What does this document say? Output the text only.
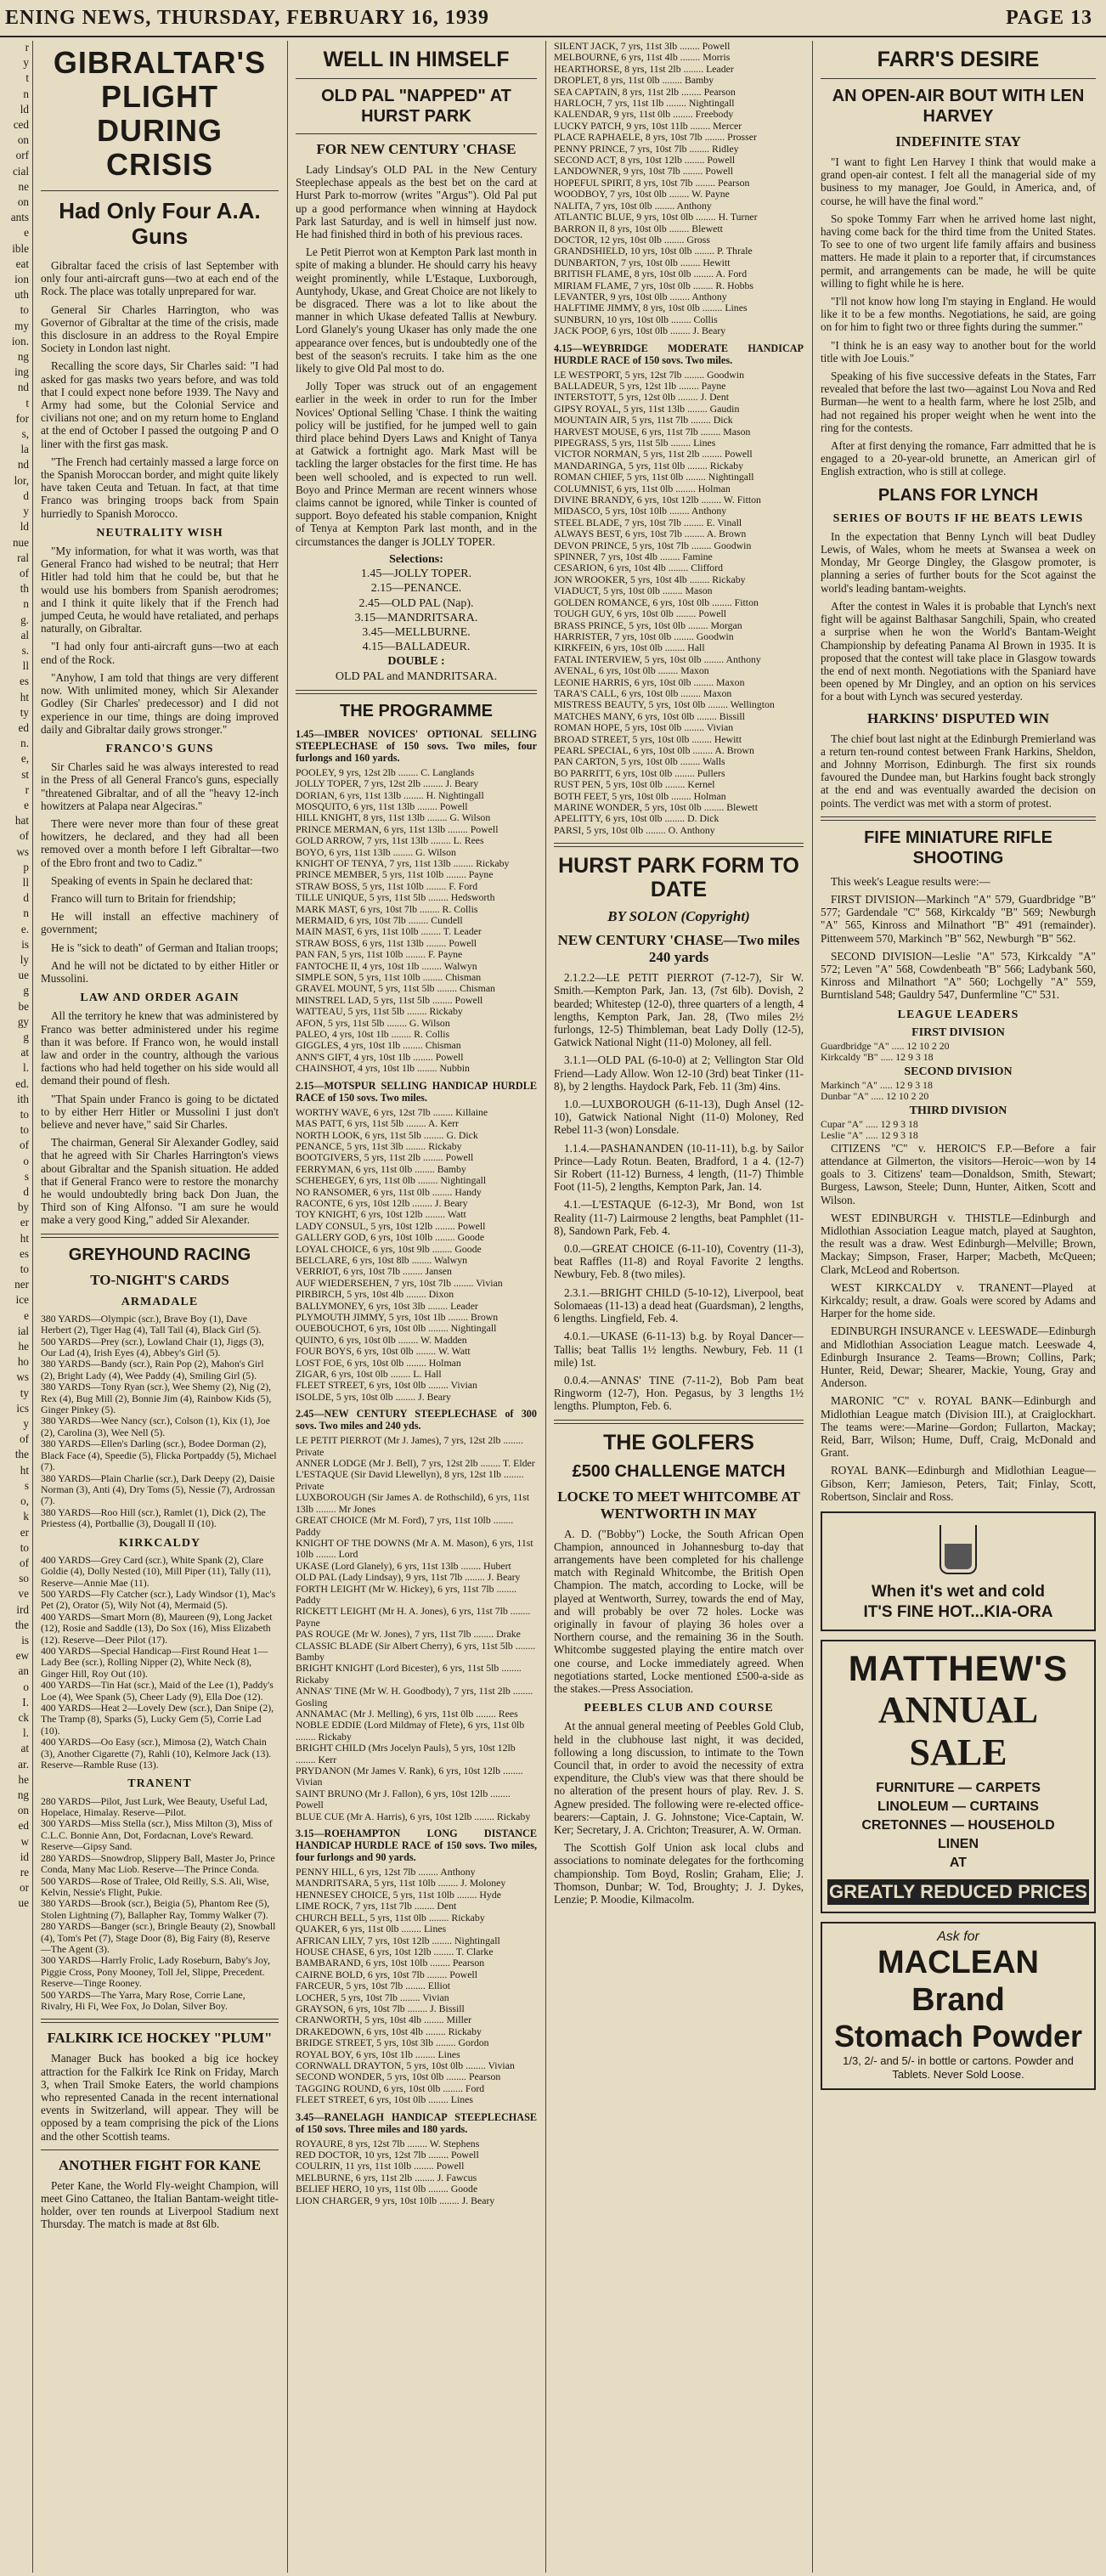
ENING NEWS, THURSDAY, FEBRUARY 16, 1939	PAGE 13

r

y

t

n

ld

ced

on

orf

cial

ne

on

ants

e

ible

eat

ion

uth

to

my

ion.

ng

ing

nd

t

for

s,

la

nd

lor,

d

y

ld

nue

ral

of

th

n

g.

al

s.

ll

es

ht

ty

ed

n.

e,

st

r

e

hat

of

ws

p

ll

d

n

e.

is

ly

ue

g

be

gy

g

at

l.

ed.

ith

to

to

of

o

s

d

by

er

ht

es

to

ner

ice

e

ial

he

ho

ws

ty

ics

y

of

the

ht

s

o,

k

er

to

of

so

ve

ird

the

is

ew

an

o

I.

ck

l.

at

ar.

he

ng

on

ed

w

id

re

or

ue

GIBRALTAR'S PLIGHT DURING CRISIS
Had Only Four A.A. Guns

Gibraltar faced the crisis of last September with only four anti-aircraft guns—two at each end of the Rock. The place was totally unprepared for war.

General Sir Charles Harrington, who was Governor of Gibraltar at the time of the crisis, made this disclosure in an address to the Royal Empire Society in London last night.

Recalling the score days, Sir Charles said: "I had asked for gas masks two years before, and was told that I could expect none before 1939. The Navy and Army had some, but the Colonial Service and civilians not one; and on my return home to England at the end of October I passed the outgoing P and O liner with the first gas mask.

"The French had certainly massed a large force on the Spanish Moroccan border, and might quite likely have taken Ceuta and Tetuan. In fact, at that time Franco was bringing troops back from Spain hurriedly to Spanish Morocco.

NEUTRALITY WISH

"My information, for what it was worth, was that General Franco had wished to be neutral; that Herr Hitler had told him that he could be, but that he would use his bombers from Spanish aerodromes; and I think it quite likely that if the French had jumped Ceuta, he would have retaliated, and perhaps naturally, on Gibraltar.

"I had only four anti-aircraft guns—two at each end of the Rock.

"Anyhow, I am told that things are very different now. With unlimited money, which Sir Alexander Godley (Sir Charles' predecessor) and I did not experience in our time, things are doing improved daily and Gibraltar daily grows stronger."

FRANCO'S GUNS

Sir Charles said he was always interested to read in the Press of all General Franco's guns, especially "threatened Gibraltar, and of all the "heavy 12-inch howitzers at Palapa near Algeciras."

There were never more than four of these great howitzers, he declared, and they had all been removed over a month before I left Gibraltar—two of the Ebro front and two to Cadiz."

Speaking of events in Spain he declared that:

Franco will turn to Britain for friendship;

He will install an effective machinery of government;

He is "sick to death" of German and Italian troops;

And he will not be dictated to by either Hitler or Mussolini.

LAW AND ORDER AGAIN

All the territory he knew that was administered by Franco was better administered under his regime than it was before. If Franco won, he would install law and order in the country, although the various factions who had held together on his side would all demand their pound of flesh.

"That Spain under Franco is going to be dictated to by either Herr Hitler or Mussolini I just don't believe and never have," said Sir Charles.

The chairman, General Sir Alexander Godley, said that he agreed with Sir Charles Harrington's views about Gibraltar and the Spanish situation. He added that if General Franco were to restore the monarchy he would undoubtedly bring back Don Juan, the Third son of King Alfonso. "I am sure he would make a very good King," added Sir Alexander.

GREYHOUND RACING
TO-NIGHT'S CARDS
ARMADALE

380 YARDS—Olympic (scr.), Brave Boy (1), Dave Herbert (2), Tiger Hag (4), Tall Tail (4), Black Girl (5).

500 YARDS—Prey (scr.), Lowland Chair (1), Jiggs (3), Our Lad (4), Irish Eyes (4), Abbey's Girl (5).

380 YARDS—Bandy (scr.), Rain Pop (2), Mahon's Girl (2), Bright Lady (4), Wee Paddy (4), Smiling Girl (5).

380 YARDS—Tony Ryan (scr.), Wee Shemy (2), Nig (2), Rex (4), Bug Mill (2), Bonnie Jim (4), Rainbow Kids (5), Ginger Pinkey (5).

380 YARDS—Wee Nancy (scr.), Colson (1), Kix (1), Joe (2), Carolina (3), Wee Nell (5).

380 YARDS—Ellen's Darling (scr.), Bodee Dorman (2), Black Face (4), Speedie (5), Flicka Portpaddy (5), Michael (7).

380 YARDS—Plain Charlie (scr.), Dark Deepy (2), Daisie Norman (3), Anti (4), Dry Toms (5), Nessie (7), Ardrossan (7).

380 YARDS—Roo Hill (scr.), Ramlet (1), Dick (2), The Priestess (4), Portballie (3), Dougall II (10).

KIRKCALDY

400 YARDS—Grey Card (scr.), White Spank (2), Clare Goldie (4), Dolly Nested (10), Mill Piper (11), Tally (11), Reserve—Annie Mae (11).

500 YARDS—Fly Catcher (scr.), Lady Windsor (1), Mac's Pet (2), Orator (5), Wily Not (4), Mermaid (5).

400 YARDS—Smart Morn (8), Maureen (9), Long Jacket (12), Rosie and Saddle (13), Do Sox (16), Miss Elizabeth (12). Reserve—Deer Pilot (17).

400 YARDS—Special Handicap—First Round Heat 1—Lady Bee (scr.), Rolling Nipper (2), White Neck (8), Ginger Hill, Roy Out (10).

400 YARDS—Tin Hat (scr.), Maid of the Lee (1), Paddy's Loe (4), Wee Spank (5), Cheer Lady (9), Ella Doe (12).

400 YARDS—Heat 2—Lovely Dew (scr.), Dan Snipe (2), The Tramp (8), Sparks (5), Lucky Gem (5), Corrie Lad (10).

400 YARDS—Oo Easy (scr.), Mimosa (2), Watch Chain (3), Another Cigarette (7), Rahli (10), Kelmore Jack (13). Reserve—Ramble Ruse (13).

TRANENT

280 YARDS—Pilot, Just Lurk, Wee Beauty, Useful Lad, Hopelace, Himalay. Reserve—Pilot.

300 YARDS—Miss Stella (scr.), Miss Milton (3), Miss of C.L.C. Bonnie Ann, Dot, Fordacnan, Love's Reward. Reserve—Gipsy Sand.

280 YARDS—Snowdrop, Slippery Ball, Master Jo, Prince Conda, Many Mac Liob. Reserve—The Prince Conda.

500 YARDS—Rose of Tralee, Old Reilly, S.S. Ali, Wise, Kelvin, Nessie's Flight, Pukie.

380 YARDS—Brook (scr.), Beigia (5), Phantom Ree (5), Stolen Lightning (7), Ballapher Ray, Tommy Walker (7).

280 YARDS—Banger (scr.), Bringle Beauty (2), Snowball (4), Tom's Pet (7), Stage Door (8), Big Fairy (8), Reserve—The Agent (3).

300 YARDS—Harrly Frolic, Lady Roseburn, Baby's Joy, Piggie Cross, Pony Mooney, Toll Jel, Slippe, Precedent. Reserve—Tinge Rooney.

500 YARDS—The Yarra, Mary Rose, Corrie Lane, Rivalry, Hi Fi, Wee Fox, Jo Dolan, Silver Boy.

FALKIRK ICE HOCKEY "PLUM"

Manager Buck has booked a big ice hockey attraction for the Falkirk Ice Rink on Friday, March 3, when Trail Smoke Eaters, the world champions who represented Canada in the recent international events in Switzerland, will appear. They will be opposed by a team comprising the pick of the Lions and the other Scottish teams.

ANOTHER FIGHT FOR KANE

Peter Kane, the World Fly-weight Champion, will meet Gino Cattaneo, the Italian Bantam-weight title-holder, over ten rounds at Liverpool Stadium next Thursday. The match is made at 8st 6lb.

WELL IN HIMSELF
OLD PAL "NAPPED" AT HURST PARK
FOR NEW CENTURY 'CHASE

Lady Lindsay's OLD PAL in the New Century Steeplechase appeals as the best bet on the card at Hurst Park to-morrow (writes "Argus"). Old Pal put up a good performance when winning at Haydock Park last Saturday, and is well in himself just now. He had finished third in both of his previous races.

Le Petit Pierrot won at Kempton Park last month in spite of making a blunder. He should carry his heavy weight prominently, while L'Estaque, Luxborough, Auntyhody, Ukase, and Great Choice are not likely to be disgraced. There was a lot to like about the manner in which Ukase defeated Tallis at Newbury. Lord Glanely's young Ukaser has only made the one appearance over fences, but is undoubtedly one of the best of the season's recruits. I take him as the one likely to give Old Pal most to do.

Jolly Toper was struck out of an engagement earlier in the week in order to run for the Imber Novices' Optional Selling 'Chase. I think the waiting policy will be justified, for he jumped well to gain third place behind Dyers Laws and Knight of Tanya at Gatwick a fortnight ago. Mark Mast will be tackling the larger obstacles for the first time. He has been well schooled, and is expected to run well. Boyo and Prince Merman are recent winners whose claims cannot be ignored, while Tinker is counted of support. Boyo defeated his stable companion, Knight of Tenya at Kempton Park last month, and in the circumstances the danger is JOLLY TOPER.

Selections:

1.45—JOLLY TOPER.

2.15—PENANCE.

2.45—OLD PAL (Nap).

3.15—MANDRITSARA.

3.45—MELLBURNE.

4.15—BALLADEUR.

DOUBLE :

OLD PAL and MANDRITSARA.

THE PROGRAMME

1.45—IMBER NOVICES' OPTIONAL SELLING STEEPLECHASE of 150 sovs. Two miles, four furlongs and 160 yards.

POOLEY, 9 yrs, 12st 2lb ........ C. Langlands

JOLLY TOPER, 7 yrs, 12st 2lb ........ J. Beary

DORIAN, 6 yrs, 11st 13lb ........ H. Nightingall

MOSQUITO, 6 yrs, 11st 13lb ........ Powell

HILL KNIGHT, 8 yrs, 11st 13lb ........ G. Wilson

PRINCE MERMAN, 6 yrs, 11st 13lb ........ Powell

GOLD ARROW, 7 yrs, 11st 13lb ........ L. Rees

BOYO, 6 yrs, 11st 13lb ........ G. Wilson

KNIGHT OF TENYA, 7 yrs, 11st 13lb ........ Rickaby

PRINCE MEMBER, 5 yrs, 11st 10lb ........ Payne

STRAW BOSS, 5 yrs, 11st 10lb ........ F. Ford

TILLE UNIQUE, 5 yrs, 11st 5lb ........ Hedsworth

MARK MAST, 6 yrs, 10st 7lb ........ R. Collis

MERMAID, 6 yrs, 10st 7lb ........ Cundell

MAIN MAST, 6 yrs, 11st 10lb ........ T. Leader

STRAW BOSS, 6 yrs, 11st 13lb ........ Powell

PAN FAN, 5 yrs, 11st 10lb ........ F. Payne

FANTOCHE II, 4 yrs, 10st 1lb ........ Walwyn

SIMPLE SON, 5 yrs, 11st 10lb ........ Chisman

GRAVEL MOUNT, 5 yrs, 11st 5lb ........ Chisman

MINSTREL LAD, 5 yrs, 11st 5lb ........ Powell

WATTEAU, 5 yrs, 11st 5lb ........ Rickaby

AFON, 5 yrs, 11st 5lb ........ G. Wilson

PALEO, 4 yrs, 10st 1lb ........ R. Collis

GIGGLES, 4 yrs, 10st 1lb ........ Chisman

ANN'S GIFT, 4 yrs, 10st 1lb ........ Powell

CHAINSHOT, 4 yrs, 10st 1lb ........ Nubbin

2.15—MOTSPUR SELLING HANDICAP HURDLE RACE of 150 sovs. Two miles.

WORTHY WAVE, 6 yrs, 12st 7lb ........ Killaine

MAS PATT, 6 yrs, 11st 5lb ........ A. Kerr

NORTH LOOK, 6 yrs, 11st 5lb ........ G. Dick

PENANCE, 5 yrs, 11st 3lb ........ Rickaby

BOOTGIVERS, 5 yrs, 11st 2lb ........ Powell

FERRYMAN, 6 yrs, 11st 0lb ........ Bamby

SCHEHEGEY, 6 yrs, 11st 0lb ........ Nightingall

NO RANSOMER, 6 yrs, 11st 0lb ........ Handy

RACONTE, 6 yrs, 10st 12lb ........ J. Beary

TOY KNIGHT, 6 yrs, 10st 12lb ........ Watt

LADY CONSUL, 5 yrs, 10st 12lb ........ Powell

GALLERY GOD, 6 yrs, 10st 10lb ........ Goode

LOYAL CHOICE, 6 yrs, 10st 9lb ........ Goode

BELCLARE, 6 yrs, 10st 8lb ........ Walwyn

VERRIOT, 6 yrs, 10st 7lb ........ Jansen

AUF WIEDERSEHEN, 7 yrs, 10st 7lb ........ Vivian

PIRBIRCH, 5 yrs, 10st 4lb ........ Dixon

BALLYMONEY, 6 yrs, 10st 3lb ........ Leader

PLYMOUTH JIMMY, 5 yrs, 10st 1lb ........ Brown

OUEBOUCHOT, 6 yrs, 10st 0lb ........ Nightingall

QUINTO, 6 yrs, 10st 0lb ........ W. Madden

FOUR BOYS, 6 yrs, 10st 0lb ........ W. Watt

LOST FOE, 6 yrs, 10st 0lb ........ Holman

ZIGAR, 6 yrs, 10st 0lb ........ L. Hall

FLEET STREET, 6 yrs, 10st 0lb ........ Vivian

ISOLDE, 5 yrs, 10st 0lb ........ J. Beary

2.45—NEW CENTURY STEEPLECHASE of 300 sovs. Two miles and 240 yds.

LE PETIT PIERROT (Mr J. James), 7 yrs, 12st 2lb ........ Private

ANNER LODGE (Mr J. Bell), 7 yrs, 12st 2lb ........ T. Elder

L'ESTAQUE (Sir David Llewellyn), 8 yrs, 12st 1lb ........ Private

LUXBOROUGH (Sir James A. de Rothschild), 6 yrs, 11st 13lb ........ Mr Jones

GREAT CHOICE (Mr M. Ford), 7 yrs, 11st 10lb ........ Paddy

KNIGHT OF THE DOWNS (Mr A. M. Mason), 6 yrs, 11st 10lb ........ Lord

UKASE (Lord Glanely), 6 yrs, 11st 13lb ........ Hubert

OLD PAL (Lady Lindsay), 9 yrs, 11st 7lb ........ J. Beary

FORTH LEIGHT (Mr W. Hickey), 6 yrs, 11st 7lb ........ Paddy

RICKETT LEIGHT (Mr H. A. Jones), 6 yrs, 11st 7lb ........ Payne

PAS ROUGE (Mr W. Jones), 7 yrs, 11st 7lb ........ Drake

CLASSIC BLADE (Sir Albert Cherry), 6 yrs, 11st 5lb ........ Bamby

BRIGHT KNIGHT (Lord Bicester), 6 yrs, 11st 5lb ........ Rickaby

ANNAS' TINE (Mr W. H. Goodbody), 7 yrs, 11st 2lb ........ Gosling

ANNAMAC (Mr J. Melling), 6 yrs, 11st 0lb ........ Rees

NOBLE EDDIE (Lord Mildmay of Flete), 6 yrs, 11st 0lb ........ Rickaby

BRIGHT CHILD (Mrs Jocelyn Pauls), 5 yrs, 10st 12lb ........ Kerr

PRYDANON (Mr James V. Rank), 6 yrs, 10st 12lb ........ Vivian

SAINT BRUNO (Mr J. Fallon), 6 yrs, 10st 12lb ........ Powell

BLUE CUE (Mr A. Harris), 6 yrs, 10st 12lb ........ Rickaby

3.15—ROEHAMPTON LONG DISTANCE HANDICAP HURDLE RACE of 150 sovs. Two miles, four furlongs and 90 yards.

PENNY HILL, 6 yrs, 12st 7lb ........ Anthony

MANDRITSARA, 5 yrs, 11st 10lb ........ J. Moloney

HENNESEY CHOICE, 5 yrs, 11st 10lb ........ Hyde

LIME ROCK, 7 yrs, 11st 7lb ........ Dent

CHURCH BELL, 5 yrs, 11st 0lb ........ Rickaby

QUAKER, 6 yrs, 11st 0lb ........ Lines

AFRICAN LILY, 7 yrs, 10st 12lb ........ Nightingall

HOUSE CHASE, 6 yrs, 10st 12lb ........ T. Clarke

BAMBARAND, 6 yrs, 10st 10lb ........ Pearson

CAIRNE BOLD, 6 yrs, 10st 7lb ........ Powell

FARCEUR, 5 yrs, 10st 7lb ........ Elliot

LOCHER, 5 yrs, 10st 7lb ........ Vivian

GRAYSON, 6 yrs, 10st 7lb ........ J. Bissill

CRANWORTH, 5 yrs, 10st 4lb ........ Miller

DRAKEDOWN, 6 yrs, 10st 4lb ........ Rickaby

BRIDGE STREET, 5 yrs, 10st 3lb ........ Gordon

ROYAL BOY, 6 yrs, 10st 1lb ........ Lines

CORNWALL DRAYTON, 5 yrs, 10st 0lb ........ Vivian

SECOND WONDER, 5 yrs, 10st 0lb ........ Pearson

TAGGING ROUND, 6 yrs, 10st 0lb ........ Ford

FLEET STREET, 6 yrs, 10st 0lb ........ Lines

3.45—RANELAGH HANDICAP STEEPLECHASE of 150 sovs. Three miles and 180 yards.

ROYAURE, 8 yrs, 12st 7lb ........ W. Stephens

RED DOCTOR, 10 yrs, 12st 7lb ........ Powell

COULRIN, 11 yrs, 11st 10lb ........ Powell

MELBURNE, 6 yrs, 11st 2lb ........ J. Fawcus

BELIEF HERO, 10 yrs, 11st 0lb ........ Goode

LION CHARGER, 9 yrs, 10st 10lb ........ J. Beary

SILENT JACK, 7 yrs, 11st 3lb ........ Powell

MELBOURNE, 6 yrs, 11st 4lb ........ Morris

HEARTHORSE, 8 yrs, 11st 2lb ........ Leader

DROPLET, 8 yrs, 11st 0lb ........ Bamby

SEA CAPTAIN, 8 yrs, 11st 2lb ........ Pearson

HARLOCH, 7 yrs, 11st 1lb ........ Nightingall

KALENDAR, 9 yrs, 11st 0lb ........ Freebody

LUCKY PATCH, 9 yrs, 10st 11lb ........ Mercer

PLACE RAPHAELE, 8 yrs, 10st 7lb ........ Prosser

PENNY PRINCE, 7 yrs, 10st 7lb ........ Ridley

SECOND ACT, 8 yrs, 10st 12lb ........ Powell

LANDOWNER, 9 yrs, 10st 7lb ........ Powell

HOPEFUL SPIRIT, 8 yrs, 10st 7lb ........ Pearson

WOODBOY, 7 yrs, 10st 0lb ........ W. Payne

NALITA, 7 yrs, 10st 0lb ........ Anthony

ATLANTIC BLUE, 9 yrs, 10st 0lb ........ H. Turner

BARRON II, 8 yrs, 10st 0lb ........ Blewett

DOCTOR, 12 yrs, 10st 0lb ........ Gross

GRANDSHIELD, 10 yrs, 10st 0lb ........ P. Thrale

DUNBARTON, 7 yrs, 10st 0lb ........ Hewitt

BRITISH FLAME, 8 yrs, 10st 0lb ........ A. Ford

MIRIAM FLAME, 7 yrs, 10st 0lb ........ R. Hobbs

LEVANTER, 9 yrs, 10st 0lb ........ Anthony

HALFTIME JIMMY, 8 yrs, 10st 0lb ........ Lines

SUNBURN, 10 yrs, 10st 0lb ........ Collis

JACK POOP, 6 yrs, 10st 0lb ........ J. Beary

4.15—WEYBRIDGE MODERATE HANDICAP HURDLE RACE of 150 sovs. Two miles.

LE WESTPORT, 5 yrs, 12st 7lb ........ Goodwin

BALLADEUR, 5 yrs, 12st 1lb ........ Payne

INTERSTOTT, 5 yrs, 12st 0lb ........ J. Dent

GIPSY ROYAL, 5 yrs, 11st 13lb ........ Gaudin

MOUNTAIN AIR, 5 yrs, 11st 7lb ........ Dick

HARVEST MOUSE, 6 yrs, 11st 7lb ........ Mason

PIPEGRASS, 5 yrs, 11st 5lb ........ Lines

VICTOR NORMAN, 5 yrs, 11st 2lb ........ Powell

MANDARINGA, 5 yrs, 11st 0lb ........ Rickaby

ROMAN CHIEF, 5 yrs, 11st 0lb ........ Nightingall

COLUMNIST, 6 yrs, 11st 0lb ........ Holman

DIVINE BRANDY, 6 yrs, 10st 12lb ........ W. Fitton

MIDASCO, 5 yrs, 10st 10lb ........ Anthony

STEEL BLADE, 7 yrs, 10st 7lb ........ E. Vinall

ALWAYS BEST, 6 yrs, 10st 7lb ........ A. Brown

DEVON PRINCE, 5 yrs, 10st 7lb ........ Goodwin

SPINNER, 7 yrs, 10st 4lb ........ Famine

CESARION, 6 yrs, 10st 4lb ........ Clifford

JON WROOKER, 5 yrs, 10st 4lb ........ Rickaby

VIADUCT, 5 yrs, 10st 0lb ........ Mason

GOLDEN ROMANCE, 6 yrs, 10st 0lb ........ Fitton

TOUGH GUY, 6 yrs, 10st 0lb ........ Powell

BRASS PRINCE, 5 yrs, 10st 0lb ........ Morgan

HARRISTER, 7 yrs, 10st 0lb ........ Goodwin

KIRKFEIN, 6 yrs, 10st 0lb ........ Hall

FATAL INTERVIEW, 5 yrs, 10st 0lb ........ Anthony

AVENAL, 6 yrs, 10st 0lb ........ Maxon

LEONIE HARRIS, 6 yrs, 10st 0lb ........ Maxon

TARA'S CALL, 6 yrs, 10st 0lb ........ Maxon

MISTRESS BEAUTY, 5 yrs, 10st 0lb ........ Wellington

MATCHES MANY, 6 yrs, 10st 0lb ........ Bissill

ROMAN HOPE, 5 yrs, 10st 0lb ........ Vivian

BROAD STREET, 5 yrs, 10st 0lb ........ Hewitt

PEARL SPECIAL, 6 yrs, 10st 0lb ........ A. Brown

PAN CARTON, 5 yrs, 10st 0lb ........ Walls

BO PARRITT, 6 yrs, 10st 0lb ........ Pullers

RUST PEN, 5 yrs, 10st 0lb ........ Kernel

BOTH FEET, 5 yrs, 10st 0lb ........ Holman

MARINE WONDER, 5 yrs, 10st 0lb ........ Blewett

APELITTY, 6 yrs, 10st 0lb ........ D. Dick

PARSI, 5 yrs, 10st 0lb ........ O. Anthony

HURST PARK FORM TO DATE
BY SOLON (Copyright)
NEW CENTURY 'CHASE—Two miles 240 yards

2.1.2.2—LE PETIT PIERROT (7-12-7), Sir W. Smith.—Kempton Park, Jan. 13, (7st 6lb). Dovish, 2 bearded; Whitestep (12-0), three quarters of a length, 4 lengths, Kempton Park, Jan. 28, (Two miles 2½ furlongs, 12-5) Thimbleman, beat Lady Dolly (12-5), Gatwick National Night (11-0) Moloney, all fell.

3.1.1—OLD PAL (6-10-0) at 2; Vellington Star Old Friend—Lady Allow. Won 12-10 (3rd) beat Tinker (11-8), by 2 lengths. Haydock Park, Feb. 11 (3m) 4ins.

1.0.—LUXBOROUGH (6-11-13), Dugh Ansel (12-10), Gatwick National Night (11-0) Moloney, Red Rebel 11-3 (won) Lonsdale.

1.1.4.—PASHANANDEN (10-11-11), b.g. by Sailor Prince—Lady Rotun. Beaten, Bradford, 1 a 4. (12-7) Sir Robert (11-12) Burness, 4 length, (11-7) Thimble Foot (11-5), 2 lengths, Kempton Park, Jan. 14.

4.1.—L'ESTAQUE (6-12-3), Mr Bond, won 1st Reality (11-7) Lairmouse 2 lengths, beat Pamphlet (11-8), Sandown Park, Feb. 4.

0.0.—GREAT CHOICE (6-11-10), Coventry (11-3), beat Raffles (11-8) and Royal Favorite 2 lengths. Newbury, Feb. 8 (two miles).

2.3.1.—BRIGHT CHILD (5-10-12), Liverpool, beat Solomaeas (11-13) a dead heat (Guardsman), 2 lengths, 6 lengths. Lingfield, Feb. 4.

4.0.1.—UKASE (6-11-13) b.g. by Royal Dancer—Tallis; beat Tallis 1½ lengths. Newbury, Feb. 11 (1 mile) 1st.

0.0.4.—ANNAS' TINE (7-11-2), Bob Pam beat Ringworm (12-7), Hon. Pegasus, by 3 lengths 1½ lengths. Plumpton, Feb. 6.

THE GOLFERS
£500 CHALLENGE MATCH
LOCKE TO MEET WHITCOMBE AT WENTWORTH IN MAY

A. D. ("Bobby") Locke, the South African Open Champion, announced in Johannesburg to-day that arrangements have been completed for his challenge match with Reginald Whitcombe, the British Open Champion. The match, according to Locke, will be played at Wentworth, Surrey, towards the end of May, and will probably be over 72 holes. Locke was originally in favour of playing 36 holes over a Northern course, and the remaining 36 in the South. Whitcombe suggested playing the entire match over one course, and Locke immediately agreed. When negotiations started, Locke mentioned £500-a-side as the stakes.—Press Association.

PEEBLES CLUB AND COURSE

At the annual general meeting of Peebles Gold Club, held in the clubhouse last night, it was decided, following a long discussion, to intimate to the Town Council that, in order to avoid the necessity of extra expenditure, the Club's view was that there should be no alteration of the present hours of play. Rev. J. S. Agnew presided. The following were re-elected office-bearers:—Captain, J. G. Johnstone; Vice-Captain, W. Ker; Secretary, J. A. Crichton; Treasurer, A. W. Orman.

The Scottish Golf Union ask local clubs and associations to nominate delegates for the forthcoming championship. Tom Boyd, Roslin; Graham, Elie; J. Thomson, Dunbar; W. Tod, Broughty; J. J. Dykes, Lenzie; P. Moodie, Kilmacolm.

FARR'S DESIRE
AN OPEN-AIR BOUT WITH LEN HARVEY
INDEFINITE STAY

"I want to fight Len Harvey I think that would make a grand open-air contest. I felt all the managerial side of my business to my manager, Joe Gould, in America, and, of course, he will have the final word."

So spoke Tommy Farr when he arrived home last night, having come back for the third time from the United States. To see to one of two urgent life family affairs and business matters. He made it plain to a reporter that, if circumstances permit, and arrangements can be made, he will be quite willing to fight while he is here.

"I'll not know how long I'm staying in England. He would like it to be a few months. Negotiations, he said, are going on for him to fight two or three fights during the summer."

"I think he is an easy way to another bout for the world title with Joe Louis."

Speaking of his five successive defeats in the States, Farr revealed that before the last two—against Lou Nova and Red Burman—he went to a health farm, where he lost 25lb, and had not regained his proper weight when he went into the ring for the contests.

After at first denying the romance, Farr admitted that he is engaged to a 20-year-old brunette, an American girl of English extraction, who is still at college.

PLANS FOR LYNCH
SERIES OF BOUTS IF HE BEATS LEWIS

In the expectation that Benny Lynch will beat Dudley Lewis, of Wales, whom he meets at Swansea a week on Monday, Mr George Dingley, the Glasgow promoter, is planning a series of further bouts for the Scot against the world's leading bantam-weights.

After the contest in Wales it is probable that Lynch's next fight will be against Balthasar Sangchili, Spain, who created a surprise when he won the World's Bantam-Weight Championship by defeating Panama Al Brown in 1935. It is proposed that the contest will take place in Glasgow towards the end of next month. Negotiations with the Spaniard have been opened by Mr Dingley, and an option on his services for a bout with Lynch was secured yesterday.

HARKINS' DISPUTED WIN

The chief bout last night at the Edinburgh Premierland was a return ten-round contest between Frank Harkins, Sheldon, and Johnny Morrison, Edinburgh. The first six rounds favoured the Dundee man, but Harkins fought back strongly at the end and was eventually awarded the decision on points. The verdict was met with a storm of protest.

FIFE MINIATURE RIFLE SHOOTING

This week's League results were:—

FIRST DIVISION—Markinch "A" 579, Guardbridge "B" 577; Gardendale "C" 568, Kirkcaldy "B" 569; Newburgh "A" 565, Kinross and Milnathort "B" 491 (remainder). Pittenweem 570, Markinch "B" 562, Newburgh "B" 562.

SECOND DIVISION—Leslie "A" 573, Kirkcaldy "A" 572; Leven "A" 568, Cowdenbeath "B" 566; Ladybank 560, Kinross and Milnathort "A" 560; Lochgelly "A" 559, Burntisland 548; Gauldry 547, Dunfermline "C" 531.

LEAGUE LEADERS

FIRST DIVISION

Guardbridge "A" ..... 12 10 2 20

Kirkcaldy "B" ..... 12 9 3 18

SECOND DIVISION

Markinch "A" ..... 12 9 3 18

Dunbar "A" ..... 12 10 2 20

THIRD DIVISION

Cupar "A" ..... 12 9 3 18

Leslie "A" ..... 12 9 3 18

CITIZENS "C" v. HEROIC'S F.P.—Before a fair attendance at Gilmerton, the visitors—Heroic—won by 14 goals to 3. Citizens' team—Donaldson, Smith, Stewart; Burgess, Lawson, Steele; Dunn, Hunter, Aitken, Scott and Wilson.

WEST EDINBURGH v. THISTLE—Edinburgh and Midlothian Association League match, played at Saughton, the result was a draw. West Edinburgh—Melville; Brown, Mackay; Simpson, Fraser, Harper; Macbeth, McQueen; Clark, McLeod and Robertson.

WEST KIRKCALDY v. TRANENT—Played at Kirkcaldy; result, a draw. Goals were scored by Adams and Harper for the home side.

EDINBURGH INSURANCE v. LEESWADE—Edinburgh and Midlothian Association League match. Leeswade 4, Edinburgh Insurance 2. Teams—Brown; Collins, Park; Hunter, Reid, Dewar; Shearer, Mackie, Young, Gray and Anderson.

MARONIC "C" v. ROYAL BANK—Edinburgh and Midlothian League match (Division III.), at Craiglockhart. The teams were:—Marine—Gordon; Fullarton, Mackay; Reid, Barr, Wilson; Hume, Duff, Craig, McDonald and Grant.

ROYAL BANK—Edinburgh and Midlothian League—Gibson, Kerr; Jamieson, Peters, Tait; Finlay, Scott, Robertson, Sinclair and Ross.

When it's wet and cold
IT'S FINE HOT...KIA-ORA
MATTHEW'S
ANNUAL SALE
FURNITURE — CARPETS
LINOLEUM — CURTAINS
CRETONNES — HOUSEHOLD
LINEN
AT
GREATLY REDUCED PRICES
Ask for
MACLEAN Brand
Stomach Powder
1/3, 2/- and 5/- in bottle or cartons. Powder and Tablets. Never Sold Loose.
